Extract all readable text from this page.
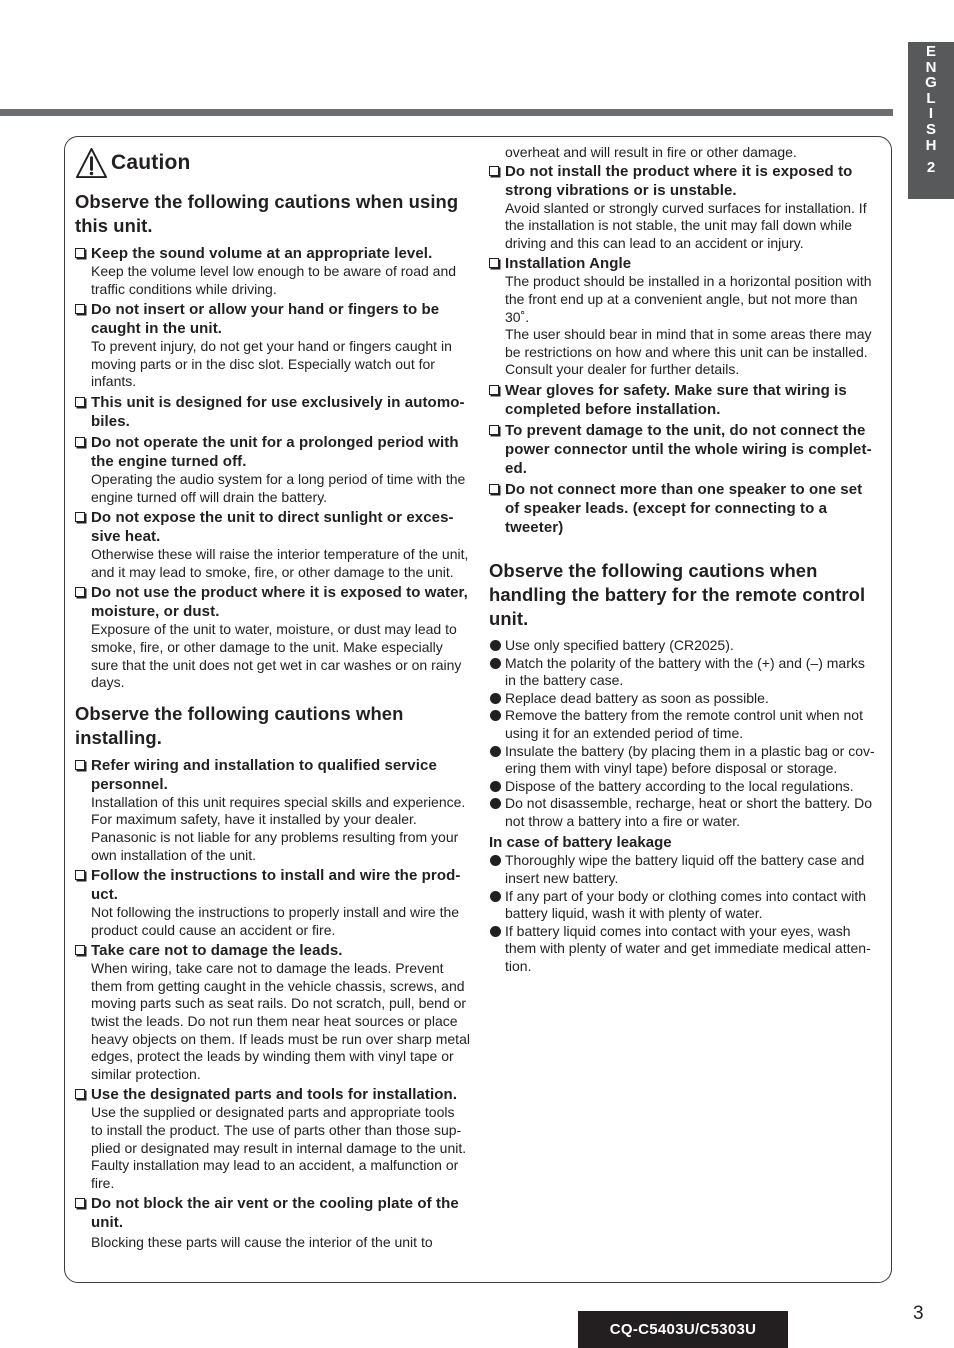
E
N
G
L
I
S
H
2
Caution
Observe the following cautions when using this unit.
Keep the sound volume at an appropriate level.
Keep the volume level low enough to be aware of road and traffic conditions while driving.
Do not insert or allow your hand or fingers to be caught in the unit.
To prevent injury, do not get your hand or fingers caught in moving parts or in the disc slot. Especially watch out for infants.
This unit is designed for use exclusively in automo-biles.
Do not operate the unit for a prolonged period with the engine turned off.
Operating the audio system for a long period of time with the engine turned off will drain the battery.
Do not expose the unit to direct sunlight or exces-sive heat.
Otherwise these will raise the interior temperature of the unit, and it may lead to smoke, fire, or other damage to the unit.
Do not use the product where it is exposed to water, moisture, or dust.
Exposure of the unit to water, moisture, or dust may lead to smoke, fire, or other damage to the unit. Make especially sure that the unit does not get wet in car washes or on rainy days.
Observe the following cautions when installing.
Refer wiring and installation to qualified service personnel.
Installation of this unit requires special skills and experience. For maximum safety, have it installed by your dealer. Panasonic is not liable for any problems resulting from your own installation of the unit.
Follow the instructions to install and wire the prod-uct.
Not following the instructions to properly install and wire the product could cause an accident or fire.
Take care not to damage the leads.
When wiring, take care not to damage the leads. Prevent them from getting caught in the vehicle chassis, screws, and moving parts such as seat rails. Do not scratch, pull, bend or twist the leads. Do not run them near heat sources or place heavy objects on them. If leads must be run over sharp metal edges, protect the leads by winding them with vinyl tape or similar protection.
Use the designated parts and tools for installation.
Use the supplied or designated parts and appropriate tools to install the product. The use of parts other than those sup-plied or designated may result in internal damage to the unit. Faulty installation may lead to an accident, a malfunction or fire.
Do not block the air vent or the cooling plate of the unit.
Blocking these parts will cause the interior of the unit to
overheat and will result in fire or other damage.
Do not install the product where it is exposed to strong vibrations or is unstable.
Avoid slanted or strongly curved surfaces for installation. If the installation is not stable, the unit may fall down while driving and this can lead to an accident or injury.
Installation Angle
The product should be installed in a horizontal position with the front end up at a convenient angle, but not more than 30˚.
The user should bear in mind that in some areas there may be restrictions on how and where this unit can be installed. Consult your dealer for further details.
Wear gloves for safety. Make sure that wiring is completed before installation.
To prevent damage to the unit, do not connect the power connector until the whole wiring is complet-ed.
Do not connect more than one speaker to one set of speaker leads. (except for connecting to a tweeter)
Observe the following cautions when handling the battery for the remote control unit.
Use only specified battery (CR2025).
Match the polarity of the battery with the (+) and (–) marks in the battery case.
Replace dead battery as soon as possible.
Remove the battery from the remote control unit when not using it for an extended period of time.
Insulate the battery (by placing them in a plastic bag or cov-ering them with vinyl tape) before disposal or storage.
Dispose of the battery according to the local regulations.
Do not disassemble, recharge, heat or short the battery. Do not throw a battery into a fire or water.
In case of battery leakage
Thoroughly wipe the battery liquid off the battery case and insert new battery.
If any part of your body or clothing comes into contact with battery liquid, wash it with plenty of water.
If battery liquid comes into contact with your eyes, wash them with plenty of water and get immediate medical atten-tion.
CQ-C5403U/C5303U
3
